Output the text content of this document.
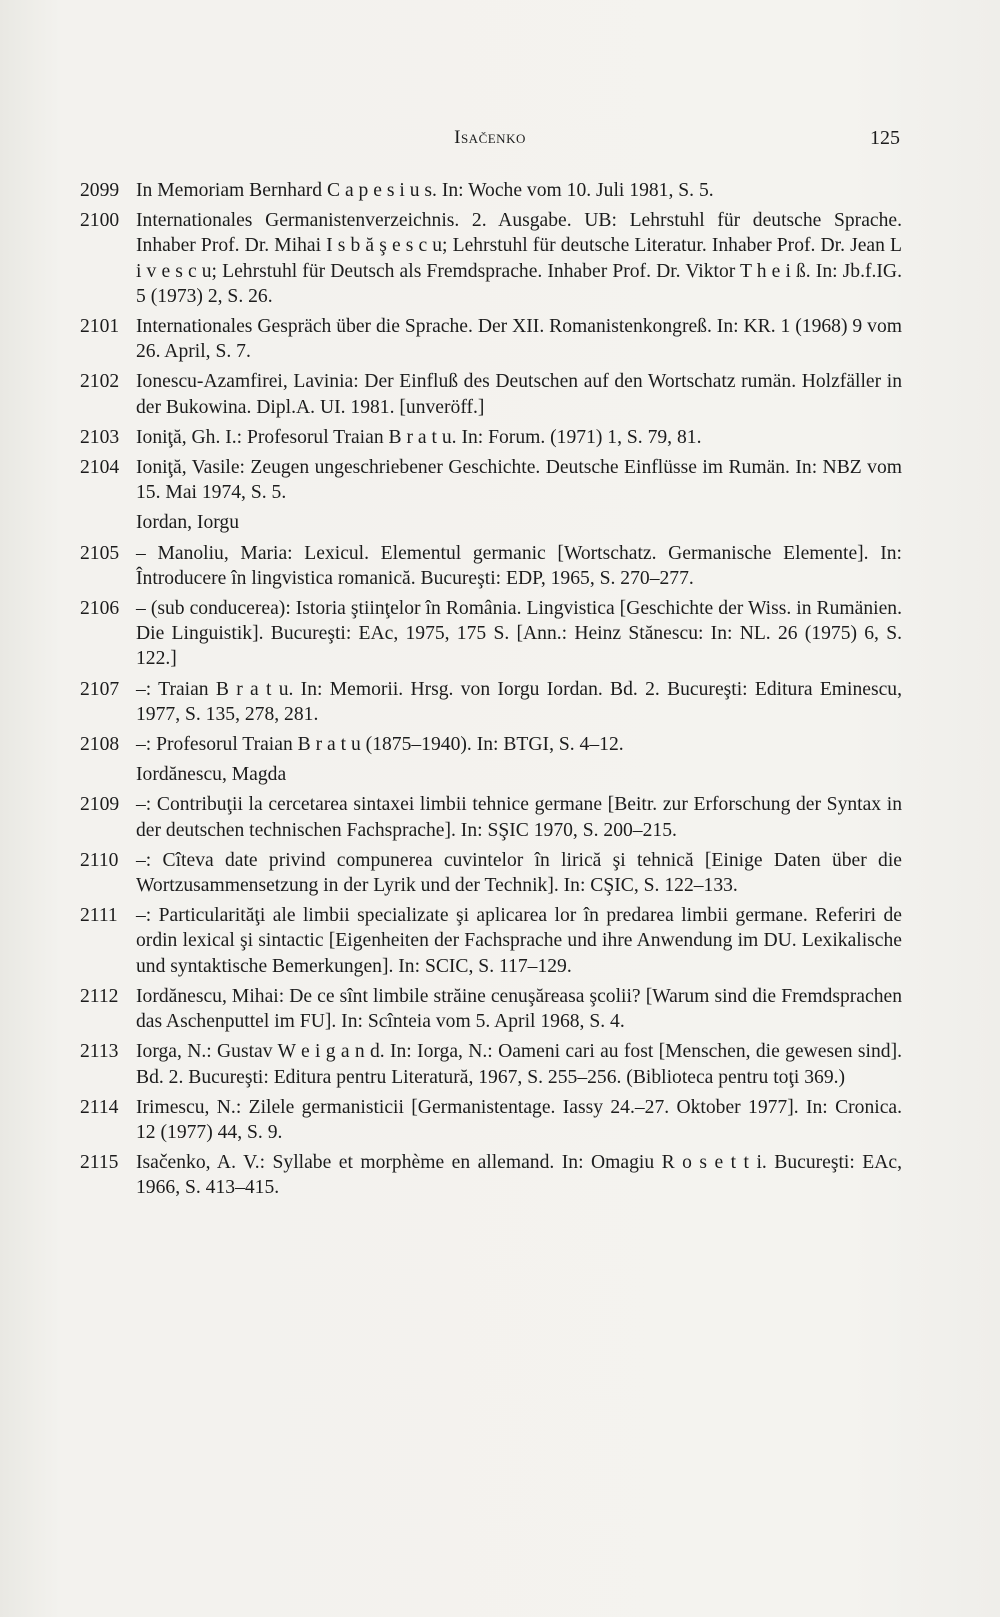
Isačenko	125
2099 In Memoriam Bernhard C a p e s i u s. In: Woche vom 10. Juli 1981, S. 5.
2100 Internationales Germanistenverzeichnis. 2. Ausgabe. UB: Lehrstuhl für deutsche Sprache. Inhaber Prof. Dr. Mihai I s b ă ş e s c u; Lehrstuhl für deutsche Literatur. Inhaber Prof. Dr. Jean L i v e s c u; Lehrstuhl für Deutsch als Fremdsprache. Inhaber Prof. Dr. Viktor T h e i ß. In: Jb.f.IG. 5 (1973) 2, S. 26.
2101 Internationales Gespräch über die Sprache. Der XII. Romanistenkongreß. In: KR. 1 (1968) 9 vom 26. April, S. 7.
2102 Ionescu-Azamfirei, Lavinia: Der Einfluß des Deutschen auf den Wortschatz rumän. Holzfäller in der Bukowina. Dipl.A. UI. 1981. [unveröff.]
2103 Ioniţă, Gh. I.: Profesorul Traian B r a t u. In: Forum. (1971) 1, S. 79, 81.
2104 Ioniţă, Vasile: Zeugen ungeschriebener Geschichte. Deutsche Einflüsse im Rumän. In: NBZ vom 15. Mai 1974, S. 5.
Iordan, Iorgu
2105 – Manoliu, Maria: Lexicul. Elementul germanic [Wortschatz. Germanische Elemente]. In: Întroducere în lingvistica romanică. Bucureşti: EDP, 1965, S. 270–277.
2106 – (sub conducerea): Istoria ştiinţelor în România. Lingvistica [Geschichte der Wiss. in Rumänien. Die Linguistik]. Bucureşti: EAc, 1975, 175 S. [Ann.: Heinz Stănescu: In: NL. 26 (1975) 6, S. 122.]
2107 –: Traian B r a t u. In: Memorii. Hrsg. von Iorgu Iordan. Bd. 2. Bucureşti: Editura Eminescu, 1977, S. 135, 278, 281.
2108 –: Profesorul Traian B r a t u (1875–1940). In: BTGI, S. 4–12.
Iordănescu, Magda
2109 –: Contribuţii la cercetarea sintaxei limbii tehnice germane [Beitr. zur Erforschung der Syntax in der deutschen technischen Fachsprache]. In: SŞIC 1970, S. 200–215.
2110 –: Cîteva date privind compunerea cuvintelor în lirică şi tehnică [Einige Daten über die Wortzusammensetzung in der Lyrik und der Technik]. In: CŞIC, S. 122–133.
2111 –: Particularităţi ale limbii specializate şi aplicarea lor în predarea limbii germane. Referiri de ordin lexical şi sintactic [Eigenheiten der Fachsprache und ihre Anwendung im DU. Lexikalische und syntaktische Bemerkungen]. In: SCIC, S. 117–129.
2112 Iordănescu, Mihai: De ce sînt limbile străine cenuşăreasa şcolii? [Warum sind die Fremdsprachen das Aschenputtel im FU]. In: Scînteia vom 5. April 1968, S. 4.
2113 Iorga, N.: Gustav W e i g a n d. In: Iorga, N.: Oameni cari au fost [Menschen, die gewesen sind]. Bd. 2. Bucureşti: Editura pentru Literatură, 1967, S. 255–256. (Biblioteca pentru toţi 369.)
2114 Irimescu, N.: Zilele germanisticii [Germanistentage. Iassy 24.–27. Oktober 1977]. In: Cronica. 12 (1977) 44, S. 9.
2115 Isačenko, A. V.: Syllabe et morphème en allemand. In: Omagiu R o s e t t i. Bucureşti: EAc, 1966, S. 413–415.
